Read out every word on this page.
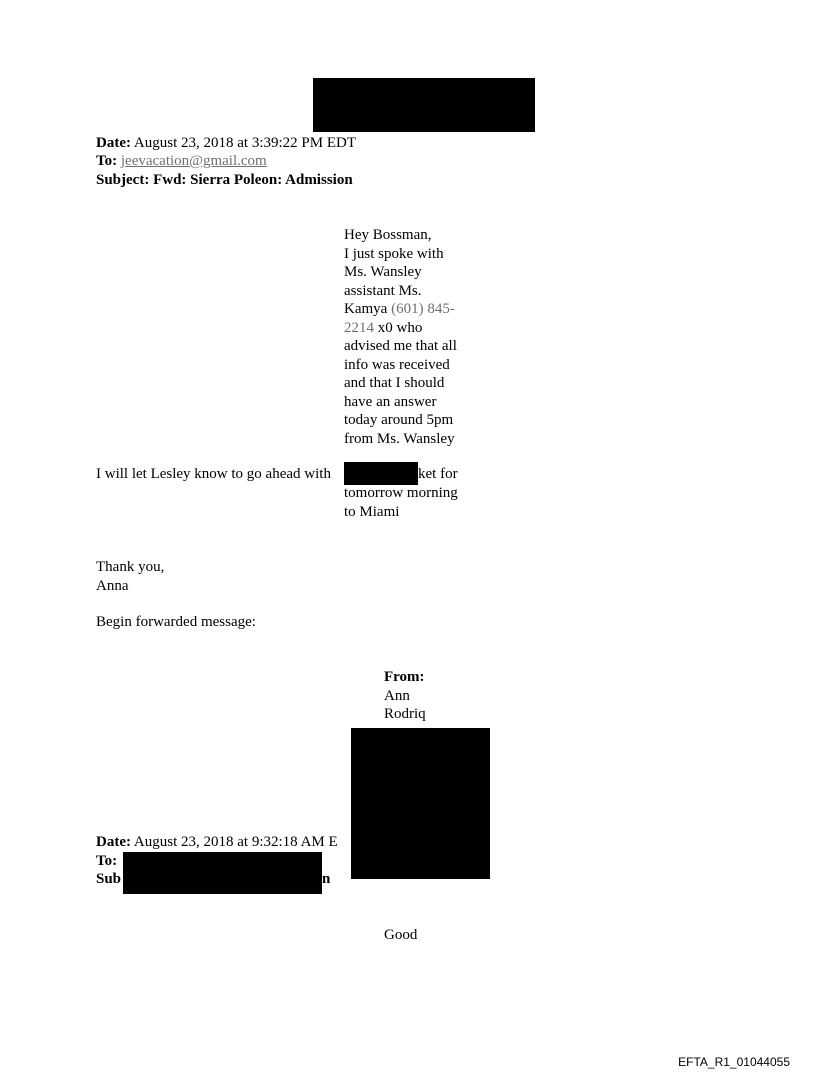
Date: August 23, 2018 at 3:39:22 PM EDT
To: jeevacation@gmail.com
Subject: Fwd: Sierra Poleon: Admission
Hey Bossman,
I just spoke with
Ms. Wansley
assistant Ms.
Kamya (601) 845-
2214 x0 who
advised me that all
info was received
and that I should
have an answer
today around 5pm
from Ms. Wansley
I will let Lesley know to go ahead with	ket for
tomorrow morning
to Miami
Thank you,
Anna
Begin forwarded message:
From:
Ann
Rodriq
Date: August 23, 2018 at 9:32:18 AM E
To:
Sub	n
Good
EFTA_R1_01044055
